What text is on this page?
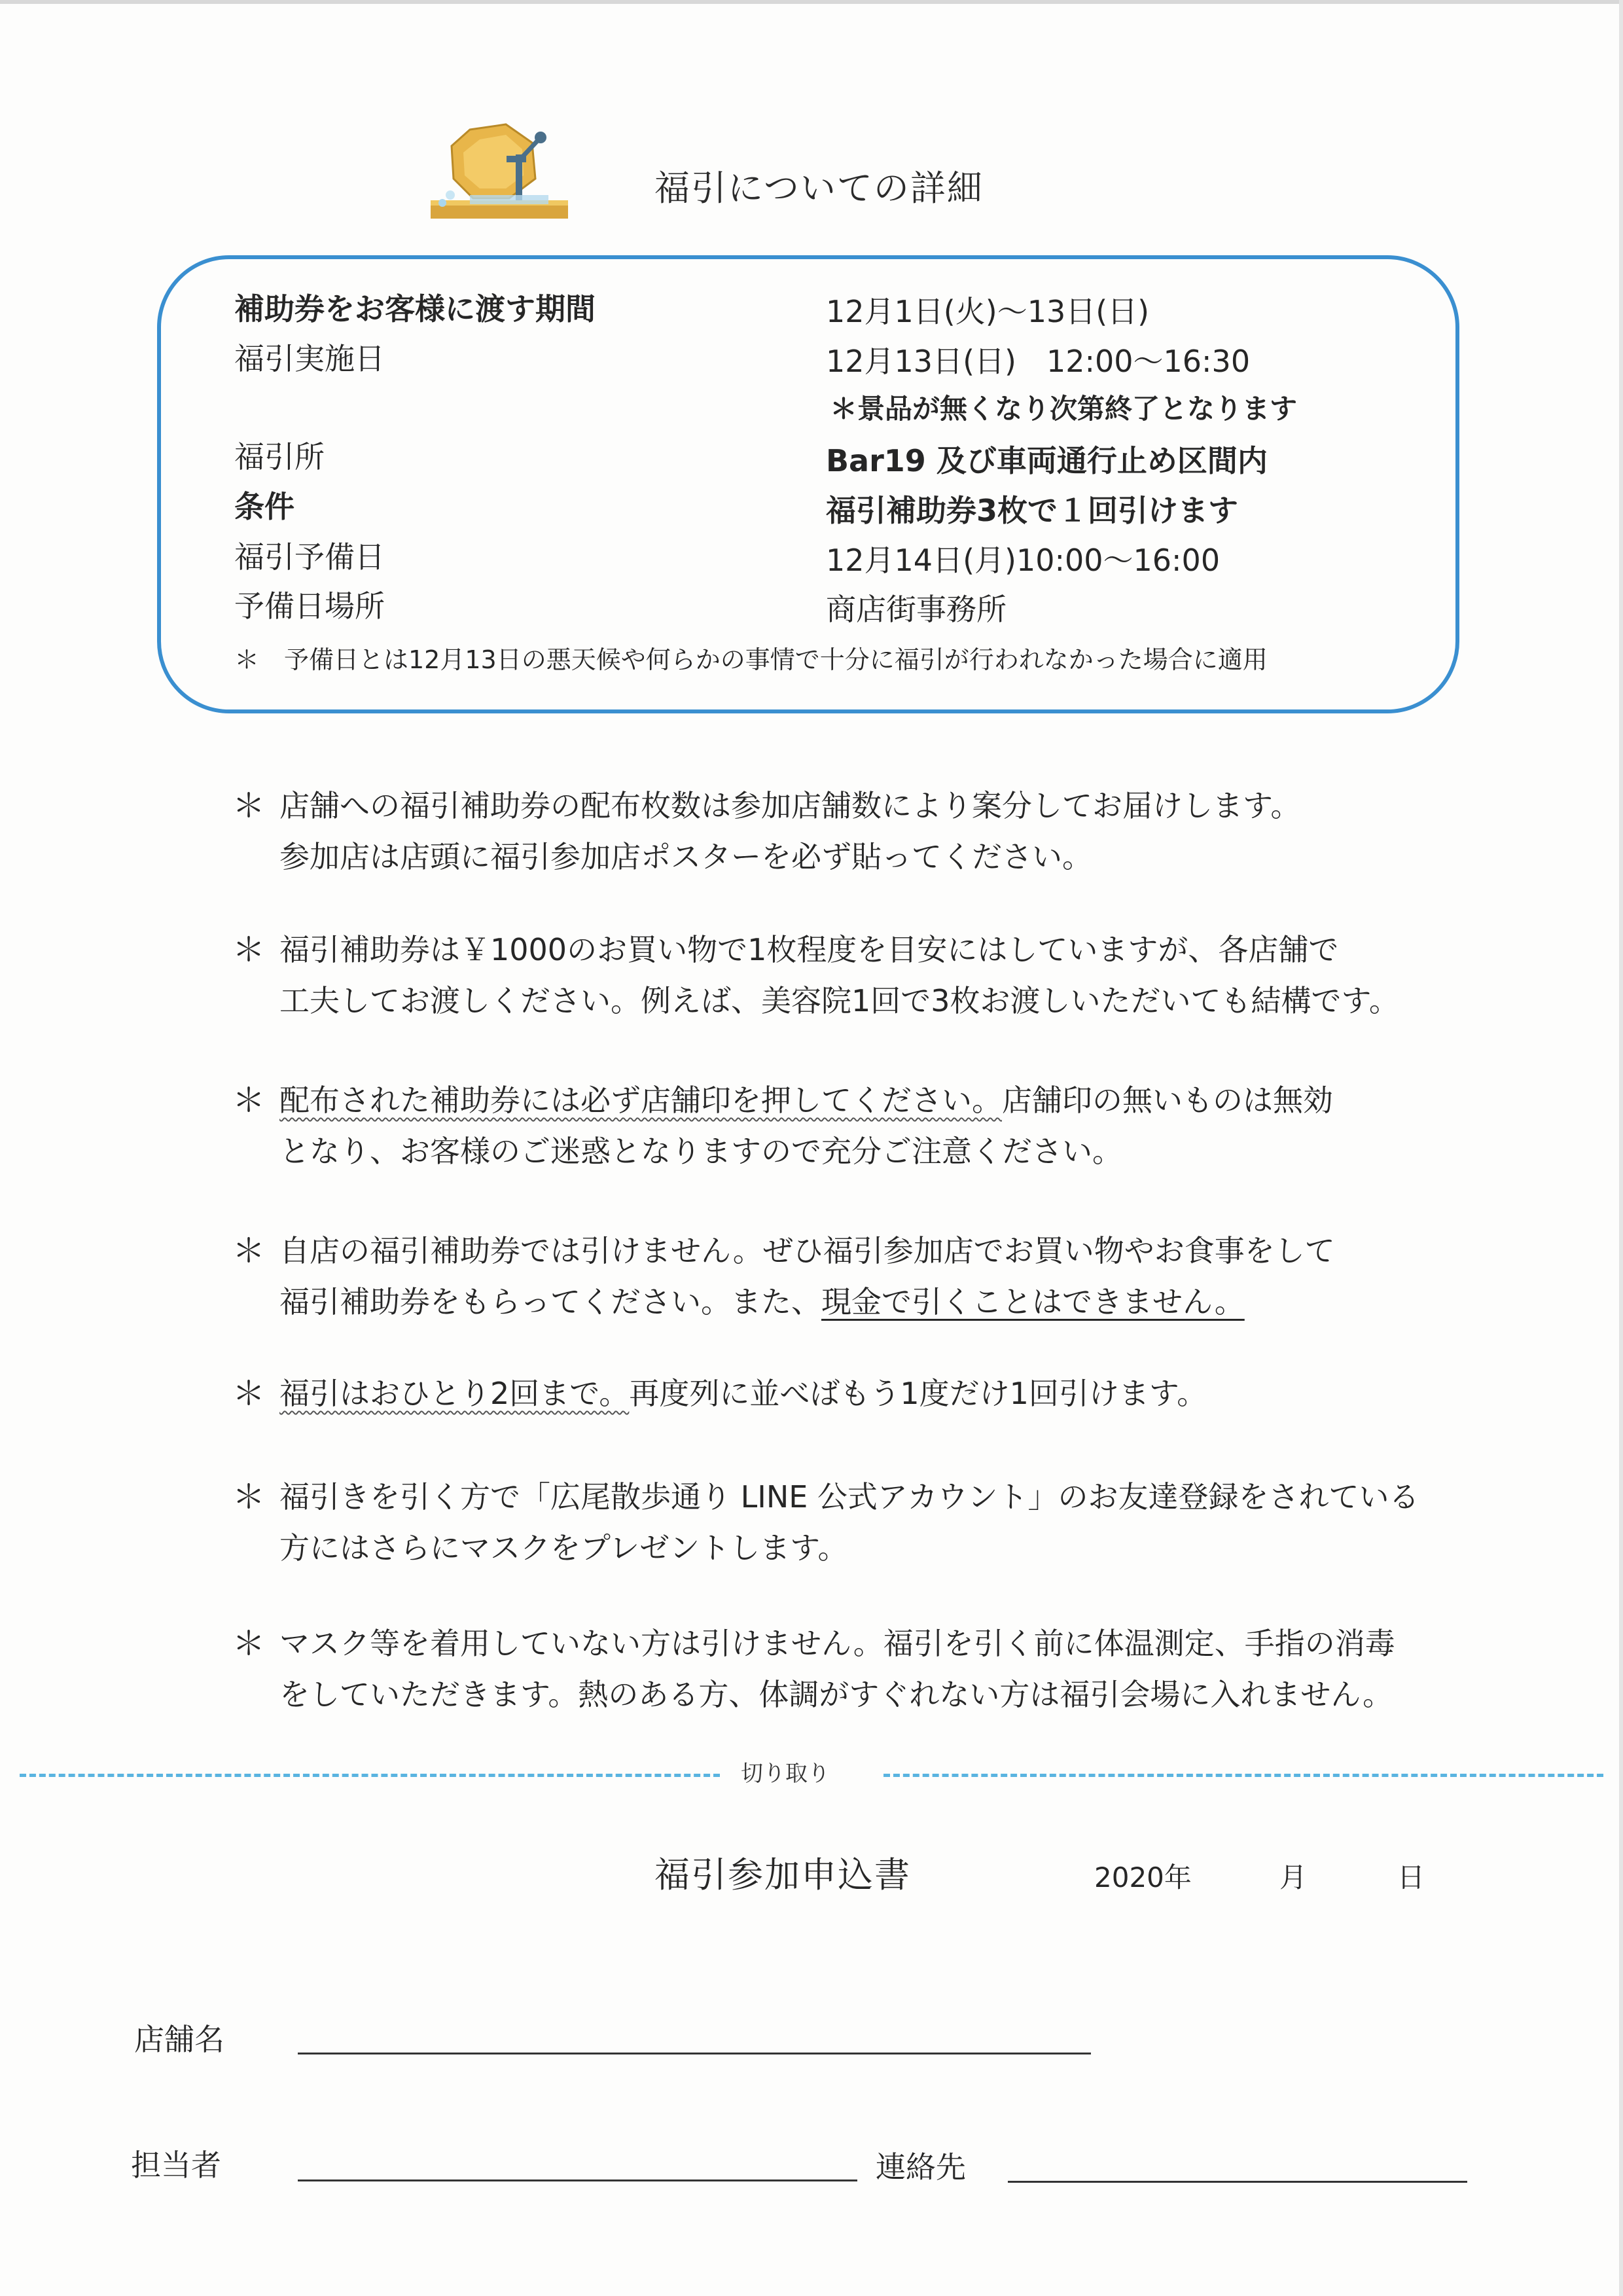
福引についての詳細
補助券をお客様に渡す期間	12月1日(火)〜13日(日)
福引実施日	12月13日(日)　12:00〜16:30
＊景品が無くなり次第終了となります
福引所	Bar19 及び車両通行止め区間内
条件	福引補助券3枚で１回引けます
福引予備日	12月14日(月)10:00〜16:00
予備日場所	商店街事務所
＊　予備日とは12月13日の悪天候や何らかの事情で十分に福引が行われなかった場合に適用
＊ 店舗への福引補助券の配布枚数は参加店舗数により案分してお届けします。
参加店は店頭に福引参加店ポスターを必ず貼ってください。
＊ 福引補助券は￥1000のお買い物で1枚程度を目安にはしていますが、各店舗で
工夫してお渡しください。例えば、美容院1回で3枚お渡しいただいても結構です。
＊ 配布された補助券には必ず店舗印を押してください。店舗印の無いものは無効
となり、お客様のご迷惑となりますので充分ご注意ください。
＊ 自店の福引補助券では引けません。ぜひ福引参加店でお買い物やお食事をして
福引補助券をもらってください。また、現金で引くことはできません。
＊ 福引はおひとり2回まで。再度列に並べばもう1度だけ1回引けます。
＊ 福引きを引く方で「広尾散歩通り LINE 公式アカウント」のお友達登録をされている
方にはさらにマスクをプレゼントします。
＊ マスク等を着用していない方は引けません。福引を引く前に体温測定、手指の消毒
をしていただきます。熱のある方、体調がすぐれない方は福引会場に入れません。
切り取り
福引参加申込書	2020年	月	日
店舗名
担当者	連絡先
